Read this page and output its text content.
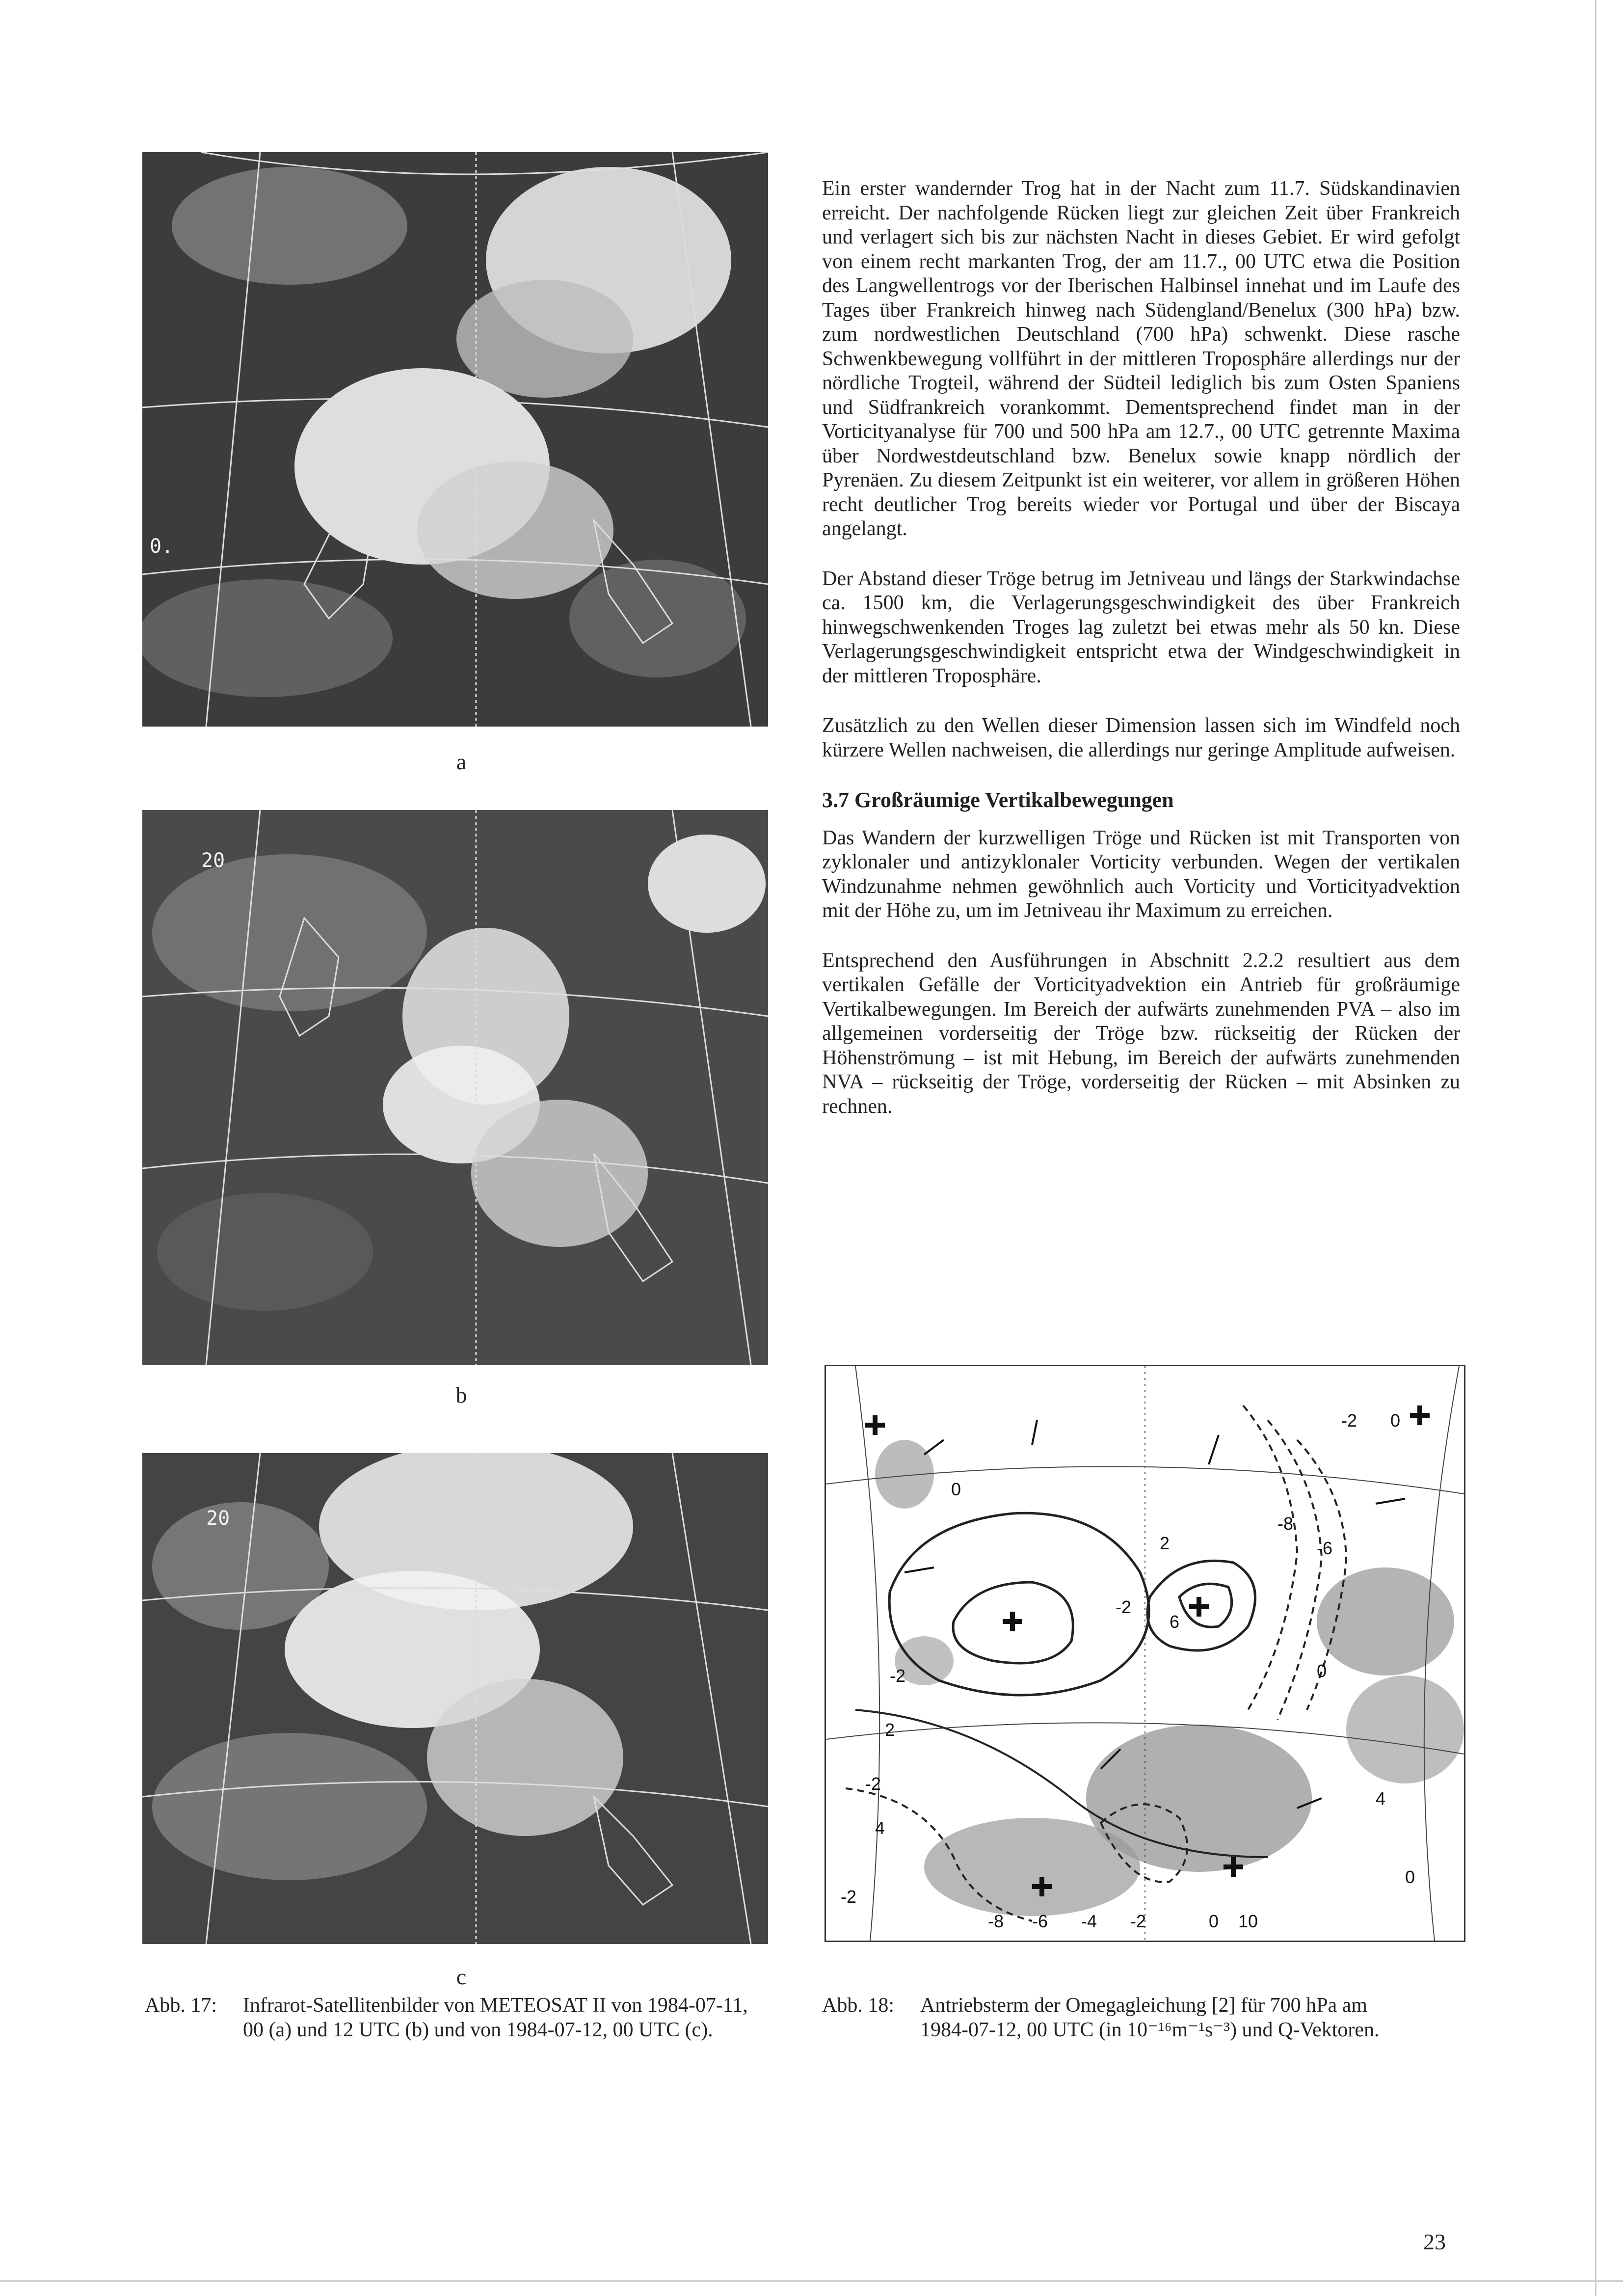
0.
a
20
b
20
c
Abb. 17: Infrarot-Satellitenbilder von METEOSAT II von 1984-07-11,
00 (a) und 12 UTC (b) und von 1984-07-12, 00 UTC (c).

Ein erster wandernder Trog hat in der Nacht zum 11.7. Südskandinavien erreicht. Der nachfolgende Rücken liegt zur gleichen Zeit über Frankreich und verlagert sich bis zur nächsten Nacht in dieses Gebiet. Er wird gefolgt von einem recht markanten Trog, der am 11.7., 00 UTC etwa die Position des Langwellentrogs vor der Iberischen Halbinsel innehat und im Laufe des Tages über Frankreich hinweg nach Südengland/Benelux (300 hPa) bzw. zum nordwestlichen Deutschland (700 hPa) schwenkt. Diese rasche Schwenkbewegung vollführt in der mittleren Troposphäre allerdings nur der nördliche Trogteil, während der Südteil lediglich bis zum Osten Spaniens und Südfrankreich vorankommt. Dementsprechend findet man in der Vorticityanalyse für 700 und 500 hPa am 12.7., 00 UTC getrennte Maxima über Nordwestdeutschland bzw. Benelux sowie knapp nördlich der Pyrenäen. Zu diesem Zeitpunkt ist ein weiterer, vor allem in größeren Höhen recht deutlicher Trog bereits wieder vor Portugal und über der Biscaya angelangt.

Der Abstand dieser Tröge betrug im Jetniveau und längs der Starkwindachse ca. 1500 km, die Verlagerungsgeschwindigkeit des über Frankreich hinwegschwenkenden Troges lag zuletzt bei etwas mehr als 50 kn. Diese Verlagerungsgeschwindigkeit entspricht etwa der Windgeschwindigkeit in der mittleren Troposphäre.

Zusätzlich zu den Wellen dieser Dimension lassen sich im Windfeld noch kürzere Wellen nachweisen, die allerdings nur geringe Amplitude aufweisen.

3.7 Großräumige Vertikalbewegungen

Das Wandern der kurzwelligen Tröge und Rücken ist mit Transporten von zyklonaler und antizyklonaler Vorticity verbunden. Wegen der vertikalen Windzunahme nehmen gewöhnlich auch Vorticity und Vorticityadvektion mit der Höhe zu, um im Jetniveau ihr Maximum zu erreichen.

Entsprechend den Ausführungen in Abschnitt 2.2.2 resultiert aus dem vertikalen Gefälle der Vorticityadvektion ein Antrieb für großräumige Vertikalbewegungen. Im Bereich der aufwärts zunehmenden PVA – also im allgemeinen vorderseitig der Tröge bzw. rückseitig der Rücken der Höhenströmung – ist mit Hebung, im Bereich der aufwärts zunehmenden NVA – rückseitig der Tröge, vorderseitig der Rücken – mit Absinken zu rechnen.

0
-2 0
-8
-6
-2
2
6
0
-2
2
-2
4
-8 -6 -4 -2	0 10
-2
0
4
Abb. 18: Antriebsterm der Omegagleichung [2] für 700 hPa am
1984-07-12, 00 UTC (in 10⁻¹⁶m⁻¹s⁻³) und Q-Vektoren.
23
